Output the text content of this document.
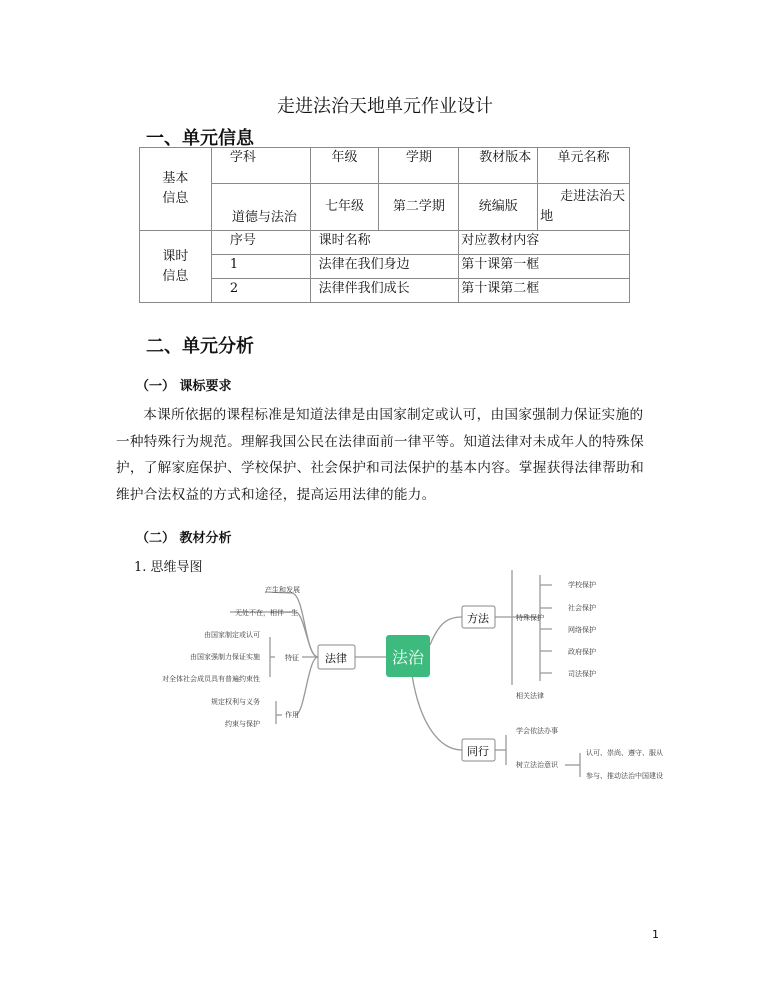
走进法治天地单元作业设计
一、单元信息
基本
信息	学科	年级	学期	教材版本	单元名称
	道德与法治	七年级	第二学期	统编版	走进法治天地

课时
信息	序号	课时名称		对应教材内容	
	1	法律在我们身边		第十课第一框	
	2	法律伴我们成长		第十课第二框	
二、单元分析
（一） 课标要求
本课所依据的课程标准是知道法律是由国家制定或认可，由国家强制力保证实施的一种特殊行为规范。理解我国公民在法律面前一律平等。知道法律对未成年人的特殊保护，了解家庭保护、学校保护、社会保护和司法保护的基本内容。掌握获得法律帮助和维护合法权益的方式和途径，提高运用法律的能力。
（二） 教材分析
1. 思维导图
法治
法律
方法
同行
产生和发展
无处不在，相伴一生
特征
由国家制定或认可
由国家强制力保证实施
对全体社会成员具有普遍约束性
作用
规定权利与义务
约束与保护
特殊保护
学校保护
社会保护
网络保护
政府保护
司法保护
相关法律
学会依法办事
树立法治意识
认可、崇尚、遵守、服从
参与、推动法治中国建设
1
